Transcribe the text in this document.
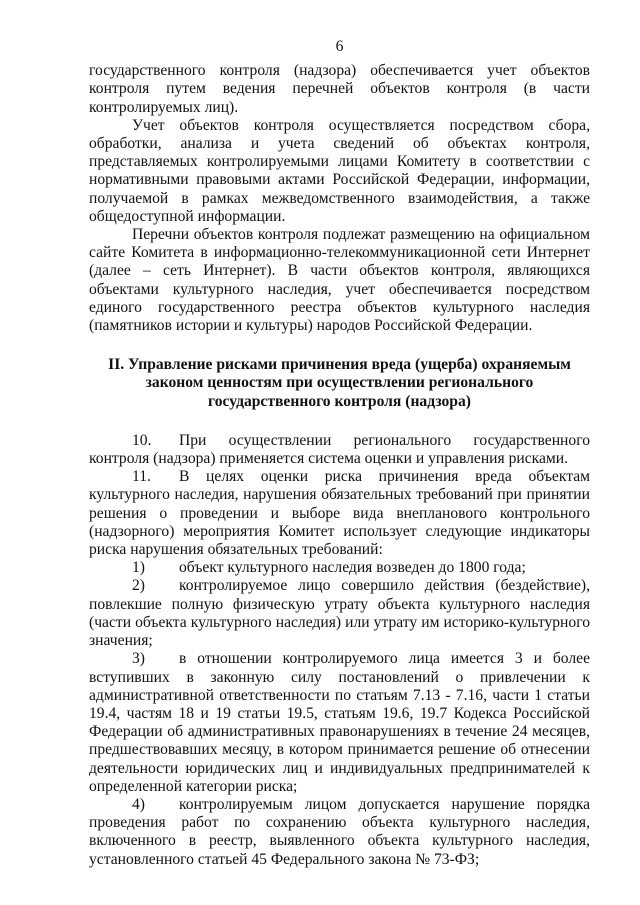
6

государственного контроля (надзора) обеспечивается учет объектов контроля путем ведения перечней объектов контроля (в части контролируемых лиц).

Учет объектов контроля осуществляется посредством сбора, обработки, анализа и учета сведений об объектах контроля, представляемых контролируемыми лицами Комитету в соответствии с нормативными правовыми актами Российской Федерации, информации, получаемой в рамках межведомственного взаимодействия, а также общедоступной информации.

Перечни объектов контроля подлежат размещению на официальном сайте Комитета в информационно-телекоммуникационной сети Интернет (далее – сеть Интернет). В части объектов контроля, являющихся объектами культурного наследия, учет обеспечивается посредством единого государственного реестра объектов культурного наследия (памятников истории и культуры) народов Российской Федерации.

II. Управление рисками причинения вреда (ущерба) охраняемым
законом ценностям при осуществлении регионального
государственного контроля (надзора)

10. При осуществлении регионального государственного контроля (надзора) применяется система оценки и управления рисками.

11. В целях оценки риска причинения вреда объектам культурного наследия, нарушения обязательных требований при принятии решения о проведении и выборе вида внепланового контрольного (надзорного) мероприятия Комитет использует следующие индикаторы риска нарушения обязательных требований:

1) объект культурного наследия возведен до 1800 года;

2) контролируемое лицо совершило действия (бездействие), повлекшие полную физическую утрату объекта культурного наследия (части объекта культурного наследия) или утрату им историко-культурного значения;

3) в отношении контролируемого лица имеется 3 и более вступивших в законную силу постановлений о привлечении к административной ответственности по статьям 7.13 - 7.16, части 1 статьи 19.4, частям 18 и 19 статьи 19.5, статьям 19.6, 19.7 Кодекса Российской Федерации об административных правонарушениях в течение 24 месяцев, предшествовавших месяцу, в котором принимается решение об отнесении деятельности юридических лиц и индивидуальных предпринимателей к определенной категории риска;

4) контролируемым лицом допускается нарушение порядка проведения работ по сохранению объекта культурного наследия, включенного в реестр, выявленного объекта культурного наследия, установленного статьей 45 Федерального закона № 73-ФЗ;
